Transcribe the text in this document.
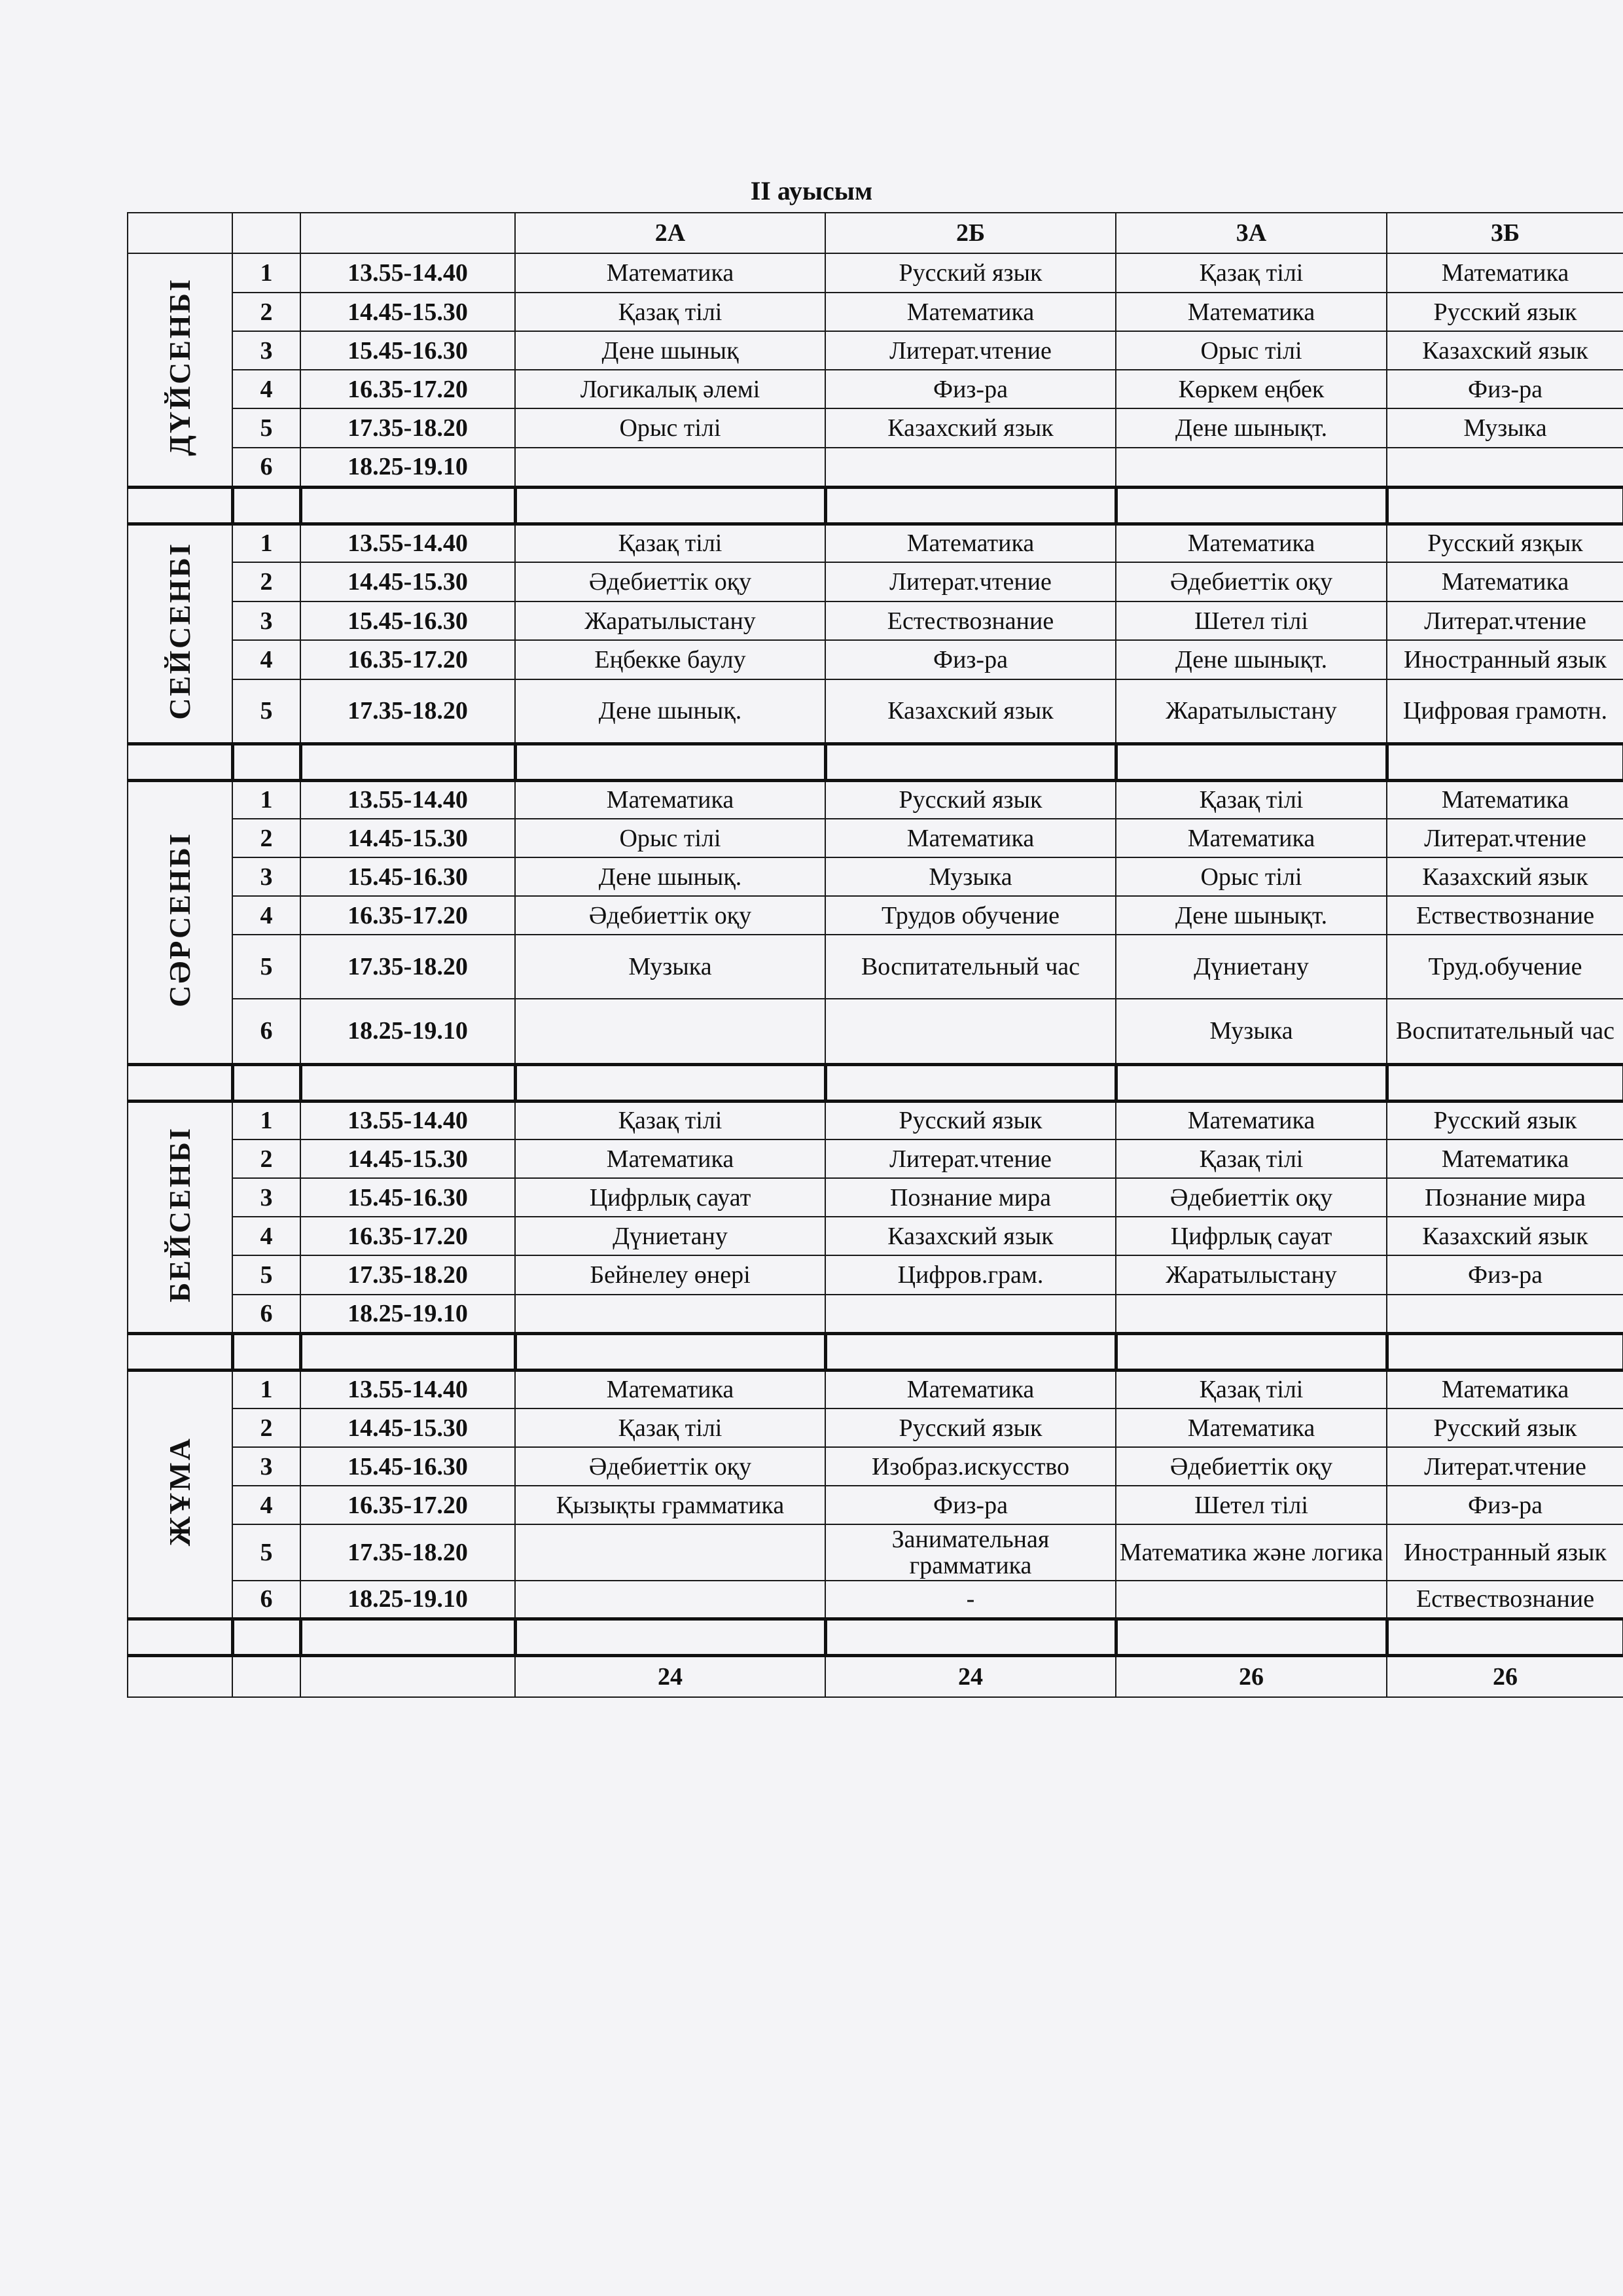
II ауысым
			2А	2Б	3А	3Б
ДҮЙСЕНБІ	1	13.55-14.40	Математика	Русский язык	Қазақ тілі	Математика
	2	14.45-15.30	Қазақ тілі	Математика	Математика	Русский язык
	3	15.45-16.30	Дене шынық	Литерат.чтение	Орыс тілі	Казахский язык
	4	16.35-17.20	Логикалық әлемі	Физ-ра	Көркем еңбек	Физ-ра
	5	17.35-18.20	Орыс тілі	Казахский язык	Дене шынықт.	Музыка
	6	18.25-19.10				

СЕЙСЕНБІ	1	13.55-14.40	Қазақ тілі	Математика	Математика	Русский язқык
	2	14.45-15.30	Әдебиеттік оқу	Литерат.чтение	Әдебиеттік оқу	Математика
	3	15.45-16.30	Жаратылыстану	Естествознание	Шетел тілі	Литерат.чтение
	4	16.35-17.20	Еңбекке баулу	Физ-ра	Дене шынықт.	Иностранный язык
	5	17.35-18.20	Дене шынық.	Казахский язык	Жаратылыстану	Цифровая грамотн.

СӘРСЕНБІ	1	13.55-14.40	Математика	Русский язык	Қазақ тілі	Математика
	2	14.45-15.30	Орыс тілі	Математика	Математика	Литерат.чтение
	3	15.45-16.30	Дене шынық.	Музыка	Орыс тілі	Казахский язык
	4	16.35-17.20	Әдебиеттік оқу	Трудов обучение	Дене шынықт.	Еcтвествознание
	5	17.35-18.20	Музыка	Воспитательный час	Дүниетану	Труд.обучение
	6	18.25-19.10			Музыка	Воспитательный час

БЕЙСЕНБІ	1	13.55-14.40	Қазақ тілі	Русский язык	Математика	Русский язык
	2	14.45-15.30	Математика	Литерат.чтение	Қазақ тілі	Математика
	3	15.45-16.30	Цифрлық сауат	Познание мира	Әдебиеттік оқу	Познание мира
	4	16.35-17.20	Дүниетану	Казахский язык	Цифрлық сауат	Казахский язык
	5	17.35-18.20	Бейнелеу өнері	Цифров.грам.	Жаратылыстану	Физ-ра
	6	18.25-19.10				

ЖҰМА	1	13.55-14.40	Математика	Математика	Қазақ тілі	Математика
	2	14.45-15.30	Қазақ тілі	Русский язык	Математика	Русский язык
	3	15.45-16.30	Әдебиеттік оқу	Изобраз.искусство	Әдебиеттік оқу	Литерат.чтение
	4	16.35-17.20	Қызықты грамматика	Физ-ра	Шетел тілі	Физ-ра
	5	17.35-18.20		Занимательная грамматика	Математика және логика	Иностранный язык
	6	18.25-19.10		-		Еcтвествознание

			24	24	26	26
